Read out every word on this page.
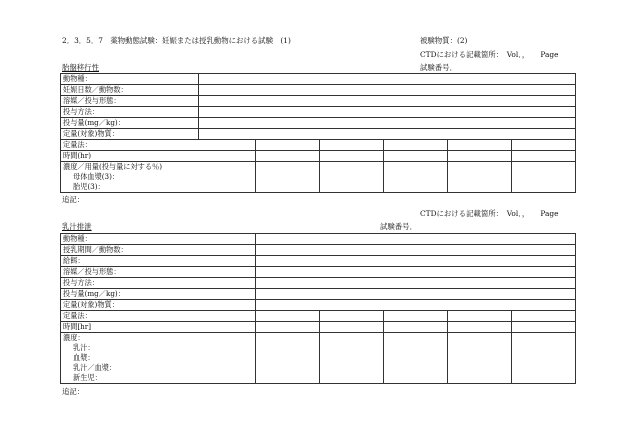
2．3．5．7　薬物動態試験：妊娠または授乳動物における試験　(1)	被験物質：(2)
CTDにおける記載箇所：　Vol．，　　Page
胎盤移行性	試験番号．
動物種：	
妊娠日数／動物数：	
溶媒／投与形態：	
投与方法：	
投与量(mg／kg)：	
定量(対象)物質：	
定量法：					
時間(hr)					

濃度／用量(投与量に対する％)
母体血漿(3)：
胎児(3)：					

追記：
CTDにおける記載箇所：　Vol．，　　Page
乳汁排泄	試験番号．
動物種：	
授乳期間／動物数：	
給餌：	
溶媒／投与形態：	
投与方法：	
投与量(mg／kg)：	
定量(対象)物質：	
定量法：					
時間[hr]					

濃度：
乳汁：
血漿：
乳汁／血漿：
新生児：					

追記：
